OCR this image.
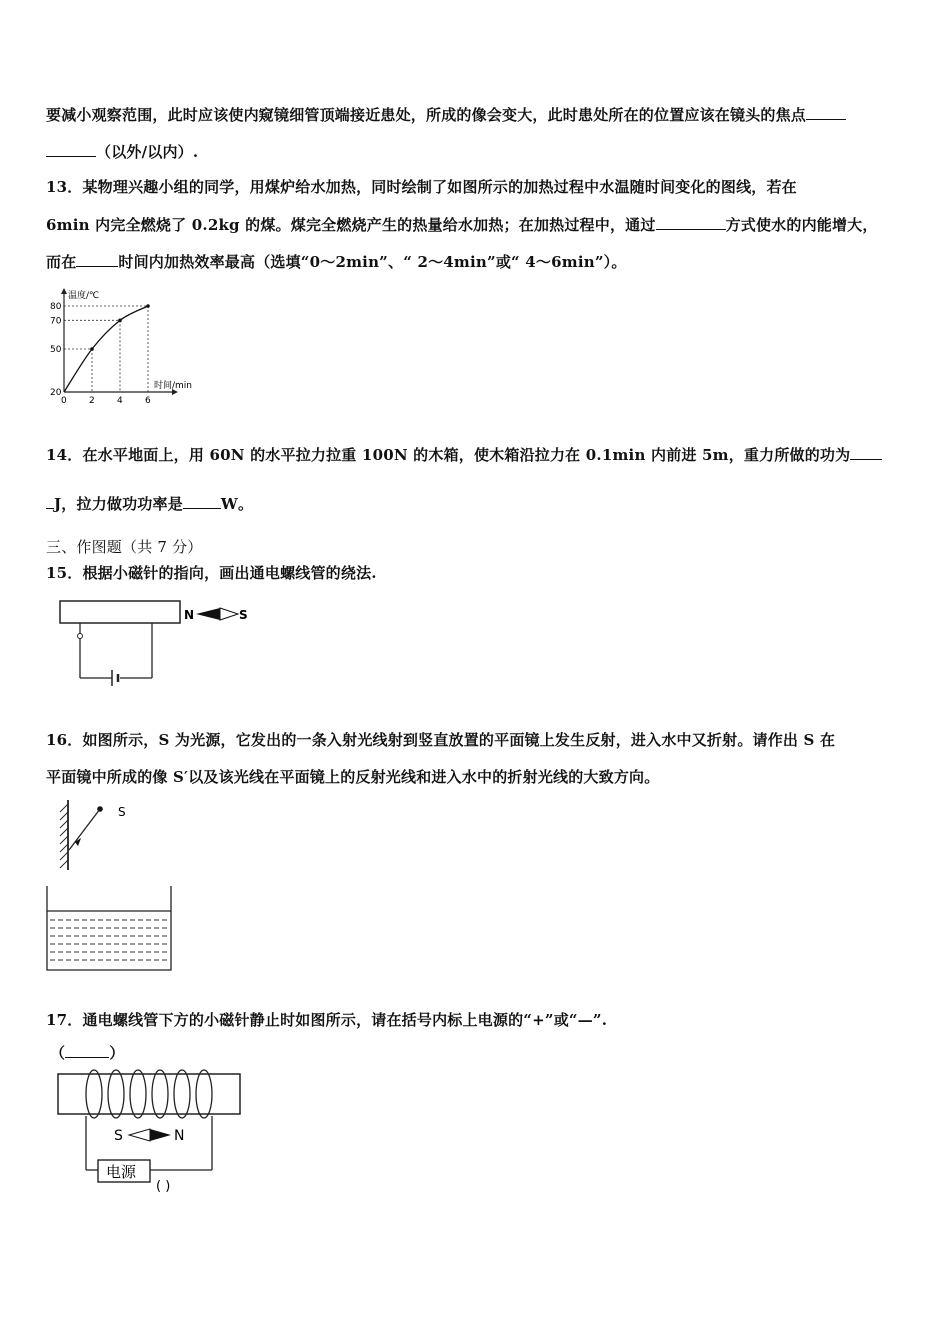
要减小观察范围，此时应该使内窥镜细管顶端接近患处，所成的像会变大，此时患处所在的位置应该在镜头的焦点
（以外/以内）.
13．某物理兴趣小组的同学，用煤炉给水加热，同时绘制了如图所示的加热过程中水温随时间变化的图线，若在
6min 内完全燃烧了 0.2kg 的煤。煤完全燃烧产生的热量给水加热；在加热过程中，通过	方式使水的内能增大，
而在	时间内加热效率最高（选填“0～2min”、“ 2～4min”或“ 4～6min”）。
温度/℃
时间/min
0 2 4 6
20
50
70
80
14．在水平地面上，用 60N 的水平拉力拉重 100N 的木箱，使木箱沿拉力在 0.1min 内前进 5m，重力所做的功为
J，拉力做功功率是	W。
三、作图题（共 7 分）
15．根据小磁针的指向，画出通电螺线管的绕法.
N	S
16．如图所示，S 为光源，它发出的一条入射光线射到竖直放置的平面镜上发生反射，进入水中又折射。请作出 S 在
平面镜中所成的像 S′以及该光线在平面镜上的反射光线和进入水中的折射光线的大致方向。
S
17．通电螺线管下方的小磁针静止时如图所示，请在括号内标上电源的“+”或“—”.
（	）
S	N
电源
( )
